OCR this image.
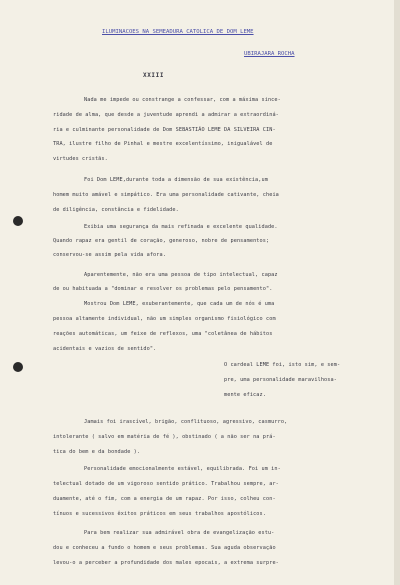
ILUMINACOES NA SEMEADURA CATOLICA DE DOM LEME
UBIRAJARA ROCHA
XXIII
Nada me impede ou constrange a confessar, com a máxima since-
ridade de alma, que desde a juventude aprendi a admirar a extraordiná-
ria e culminante personalidade de Dom SEBASTIÃO LEME DA SILVEIRA CIN-
TRA, ilustre filho de Pinhal e mestre excelentíssimo, inigualável de
virtudes cristãs.
Foi Dom LEME,durante toda a dimensão de sua existência,um
homem muito amável e simpático. Era uma personalidade cativante, cheia
de diligência, constância e fidelidade.
Exibia uma segurança da mais refinada e excelente qualidade.
Quando rapaz era gentil de coração, generoso, nobre de pensamentos;
conservou-se assim pela vida afora.
Aparentemente, não era uma pessoa de tipo intelectual, capaz
de ou habituada a "dominar e resolver os problemas pelo pensamento".
Mostrou Dom LEME, exuberantemente, que cada um de nós é uma
pessoa altamente individual, não um simples organismo fisiológico com
reações automáticas, um feixe de reflexos, uma "coletânea de hábitos
acidentais e vazios de sentido".
O cardeal LEME foi, isto sim, e sem-
pre, uma personalidade maravilhosa-
mente eficaz.
Jamais foi irascível, brigão, conflituoso, agressivo, casmurro,
intolerante ( salvo em matéria de fé ), obstinado ( a não ser na prá-
tica do bem e da bondade ).
Personalidade emocionalmente estável, equilibrada. Foi um in-
telectual dotado de um vigoroso sentido prático. Trabalhou sempre, ar-
duamente, até o fim, com a energia de um rapaz. Por isso, colheu con-
tínuos e sucessivos êxitos práticos em seus trabalhos apostólicos.
Para bem realizar sua admirável obra de evangelização estu-
dou e conheceu a fundo o homem e seus problemas. Sua aguda observação
levou-o a perceber a profundidade dos males epocais, a extrema surpre-
